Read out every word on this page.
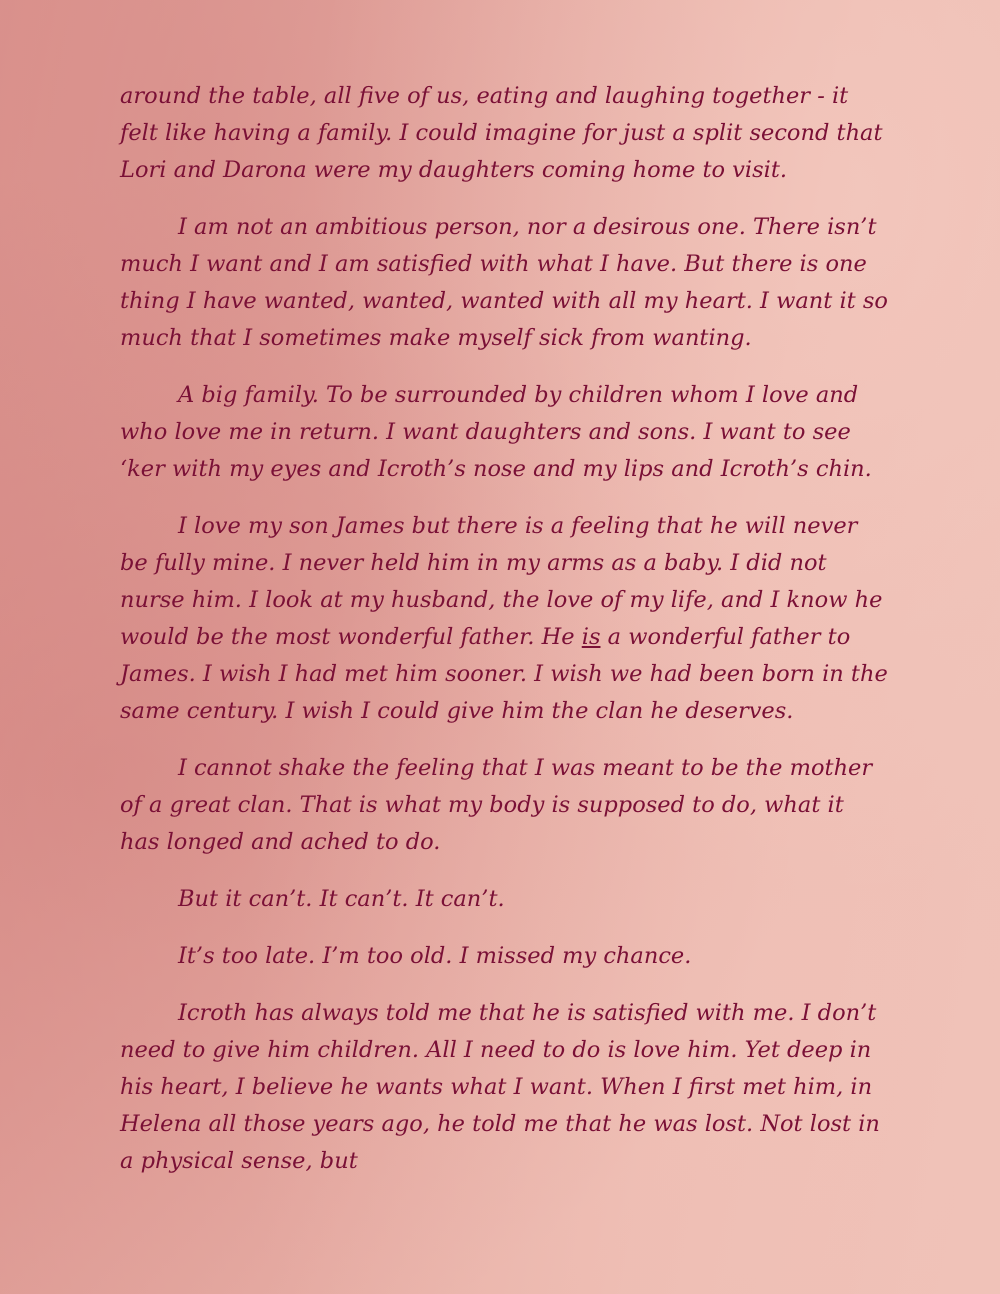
around the table, all five of us, eating and laughing together - it felt like having a family. I could imagine for just a split second that Lori and Darona were my daughters coming home to visit.

I am not an ambitious person, nor a desirous one. There isn’t much I want and I am satisfied with what I have. But there is one thing I have wanted, wanted, wanted with all my heart. I want it so much that I sometimes make myself sick from wanting.

A big family. To be surrounded by children whom I love and who love me in return. I want daughters and sons. I want to see ‘ker with my eyes and Icroth’s nose and my lips and Icroth’s chin.

I love my son James but there is a feeling that he will never be fully mine. I never held him in my arms as a baby. I did not nurse him. I look at my husband, the love of my life, and I know he would be the most wonderful father. He is a wonderful father to James. I wish I had met him sooner. I wish we had been born in the same century. I wish I could give him the clan he deserves.

I cannot shake the feeling that I was meant to be the mother of a great clan. That is what my body is supposed to do, what it has longed and ached to do.

But it can’t. It can’t. It can’t.

It’s too late. I’m too old. I missed my chance.

Icroth has always told me that he is satisfied with me. I don’t need to give him children. All I need to do is love him. Yet deep in his heart, I believe he wants what I want. When I first met him, in Helena all those years ago, he told me that he was lost. Not lost in a physical sense, but
